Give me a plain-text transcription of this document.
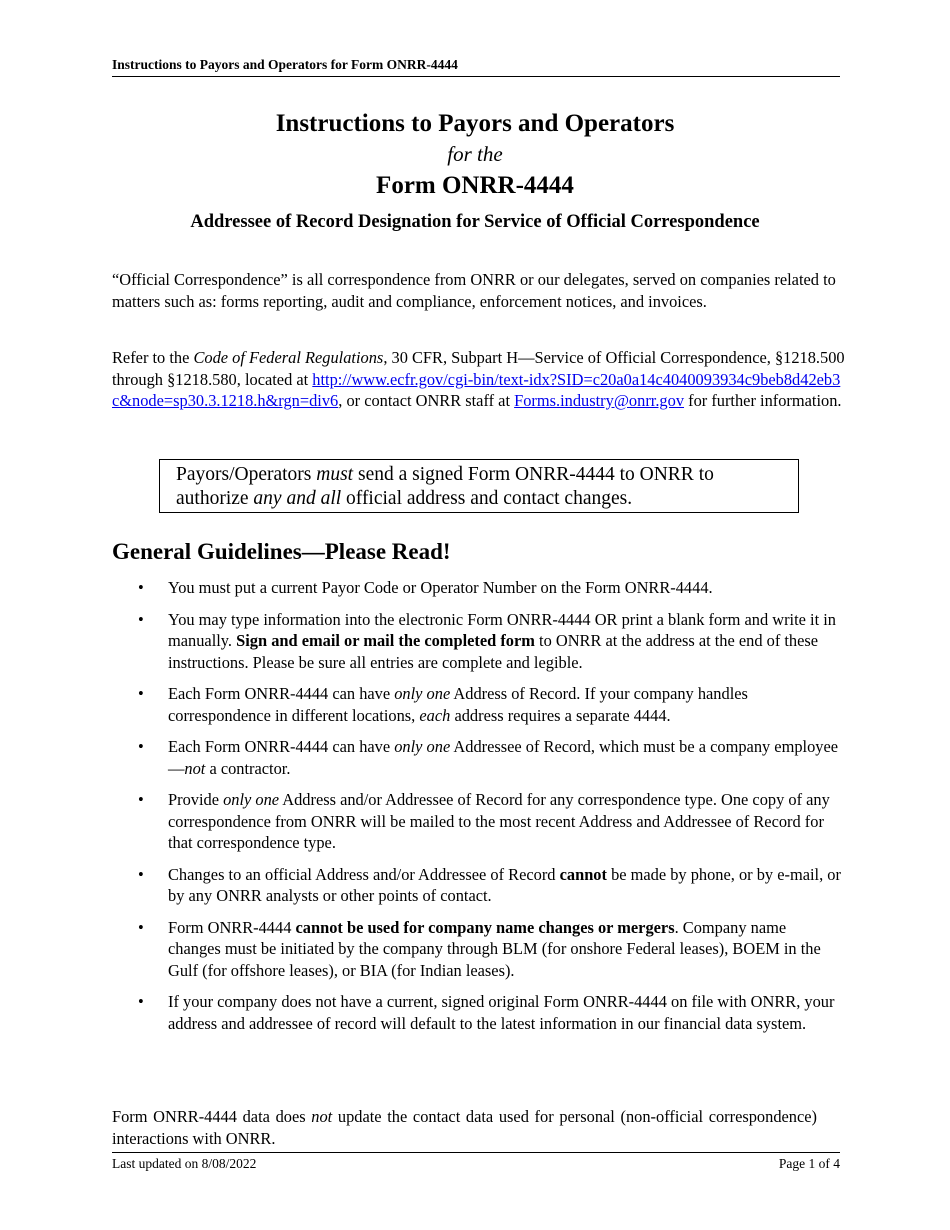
Instructions to Payors and Operators for Form ONRR-4444
Instructions to Payors and Operators
for the
Form ONRR-4444
Addressee of Record Designation for Service of Official Correspondence
“Official Correspondence” is all correspondence from ONRR or our delegates, served on companies related to matters such as: forms reporting, audit and compliance, enforcement notices, and invoices.
Refer to the Code of Federal Regulations, 30 CFR, Subpart H—Service of Official Correspondence, §1218.500 through §1218.580, located at http://www.ecfr.gov/cgi-bin/text-idx?SID=c20a0a14c4040093934c9beb8d42eb3c&node=sp30.3.1218.h&rgn=div6, or contact ONRR staff at Forms.industry@onrr.gov for further information.
Payors/Operators must send a signed Form ONRR-4444 to ONRR to authorize any and all official address and contact changes.
General Guidelines—Please Read!
• You must put a current Payor Code or Operator Number on the Form ONRR-4444.
• You may type information into the electronic Form ONRR-4444 OR print a blank form and write it in manually. Sign and email or mail the completed form to ONRR at the address at the end of these instructions. Please be sure all entries are complete and legible.
• Each Form ONRR-4444 can have only one Address of Record. If your company handles correspondence in different locations, each address requires a separate 4444.
• Each Form ONRR-4444 can have only one Addressee of Record, which must be a company employee—not a contractor.
• Provide only one Address and/or Addressee of Record for any correspondence type. One copy of any correspondence from ONRR will be mailed to the most recent Address and Addressee of Record for that correspondence type.
• Changes to an official Address and/or Addressee of Record cannot be made by phone, or by e-mail, or by any ONRR analysts or other points of contact.
• Form ONRR-4444 cannot be used for company name changes or mergers. Company name changes must be initiated by the company through BLM (for onshore Federal leases), BOEM in the Gulf (for offshore leases), or BIA (for Indian leases).
• If your company does not have a current, signed original Form ONRR-4444 on file with ONRR, your address and addressee of record will default to the latest information in our financial data system.
Form ONRR-4444 data does not update the contact data used for personal (non-official correspondence) interactions with ONRR.
Last updated on 8/08/2022	Page 1 of 4
